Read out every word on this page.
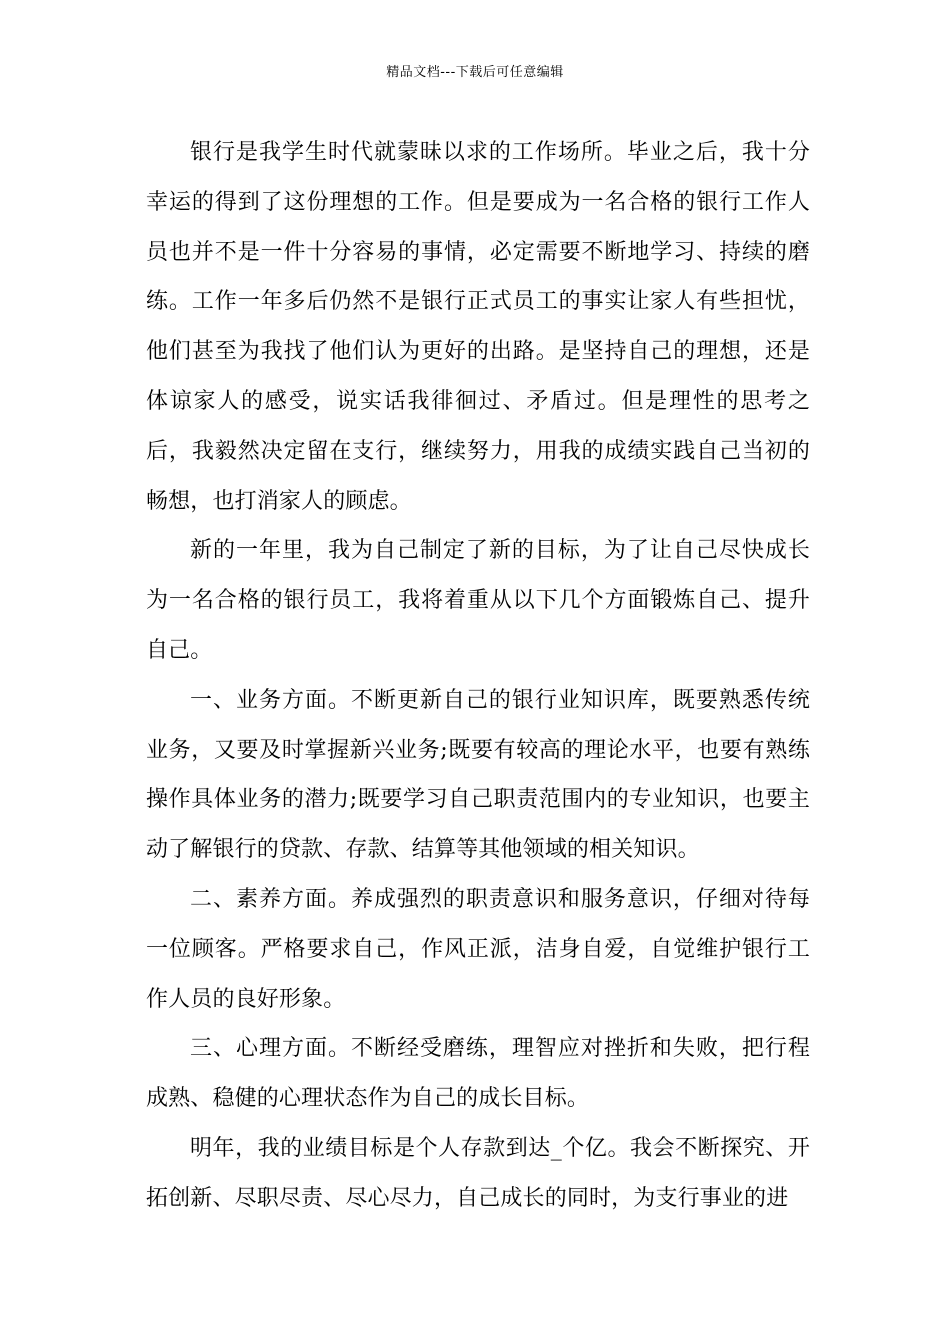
精品文档---下载后可任意编辑

银行是我学生时代就蒙昧以求的工作场所。毕业之后，我十分幸运的得到了这份理想的工作。但是要成为一名合格的银行工作人员也并不是一件十分容易的事情，必定需要不断地学习、持续的磨练。工作一年多后仍然不是银行正式员工的事实让家人有些担忧，他们甚至为我找了他们认为更好的出路。是坚持自己的理想，还是体谅家人的感受，说实话我徘徊过、矛盾过。但是理性的思考之后，我毅然决定留在支行，继续努力，用我的成绩实践自己当初的畅想，也打消家人的顾虑。

新的一年里，我为自己制定了新的目标，为了让自己尽快成长为一名合格的银行员工，我将着重从以下几个方面锻炼自己、提升自己。

一、业务方面。不断更新自己的银行业知识库，既要熟悉传统业务，又要及时掌握新兴业务;既要有较高的理论水平，也要有熟练操作具体业务的潜力;既要学习自己职责范围内的专业知识，也要主动了解银行的贷款、存款、结算等其他领域的相关知识。

二、素养方面。养成强烈的职责意识和服务意识，仔细对待每一位顾客。严格要求自己，作风正派，洁身自爱，自觉维护银行工作人员的良好形象。

三、心理方面。不断经受磨练，理智应对挫折和失败，把行程成熟、稳健的心理状态作为自己的成长目标。

明年，我的业绩目标是个人存款到达_个亿。我会不断探究、开拓创新、尽职尽责、尽心尽力，自己成长的同时，为支行事业的进
